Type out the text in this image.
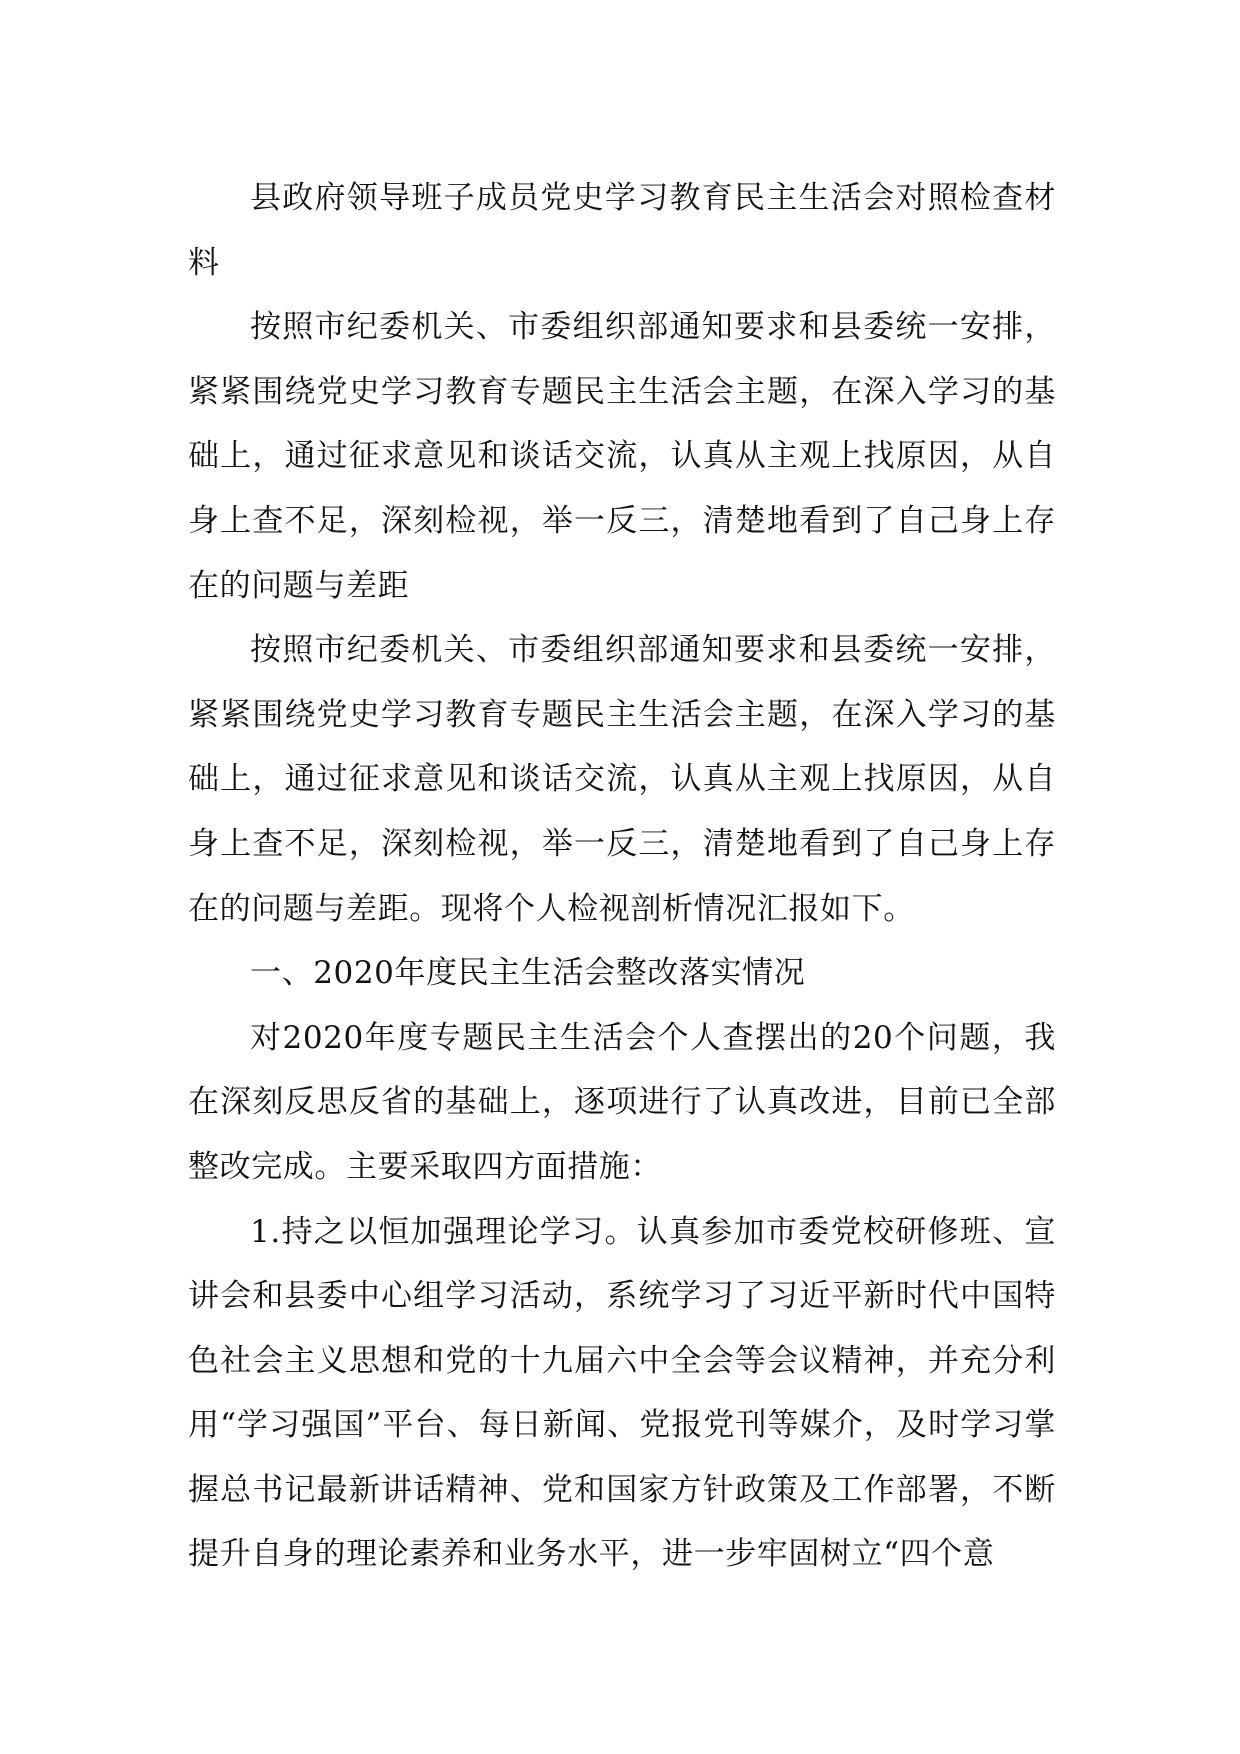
县政府领导班子成员党史学习教育民主生活会对照检查材料

按照市纪委机关、市委组织部通知要求和县委统一安排，紧紧围绕党史学习教育专题民主生活会主题，在深入学习的基础上，通过征求意见和谈话交流，认真从主观上找原因，从自身上查不足，深刻检视，举一反三，清楚地看到了自己身上存在的问题与差距

按照市纪委机关、市委组织部通知要求和县委统一安排，紧紧围绕党史学习教育专题民主生活会主题，在深入学习的基础上，通过征求意见和谈话交流，认真从主观上找原因，从自身上查不足，深刻检视，举一反三，清楚地看到了自己身上存在的问题与差距。现将个人检视剖析情况汇报如下。

一、2020年度民主生活会整改落实情况

对2020年度专题民主生活会个人查摆出的20个问题，我在深刻反思反省的基础上，逐项进行了认真改进，目前已全部整改完成。主要采取四方面措施：

1.持之以恒加强理论学习。认真参加市委党校研修班、宣讲会和县委中心组学习活动，系统学习了习近平新时代中国特色社会主义思想和党的十九届六中全会等会议精神，并充分利用“学习强国”平台、每日新闻、党报党刊等媒介，及时学习掌握总书记最新讲话精神、党和国家方针政策及工作部署，不断提升自身的理论素养和业务水平，进一步牢固树立“四个意
